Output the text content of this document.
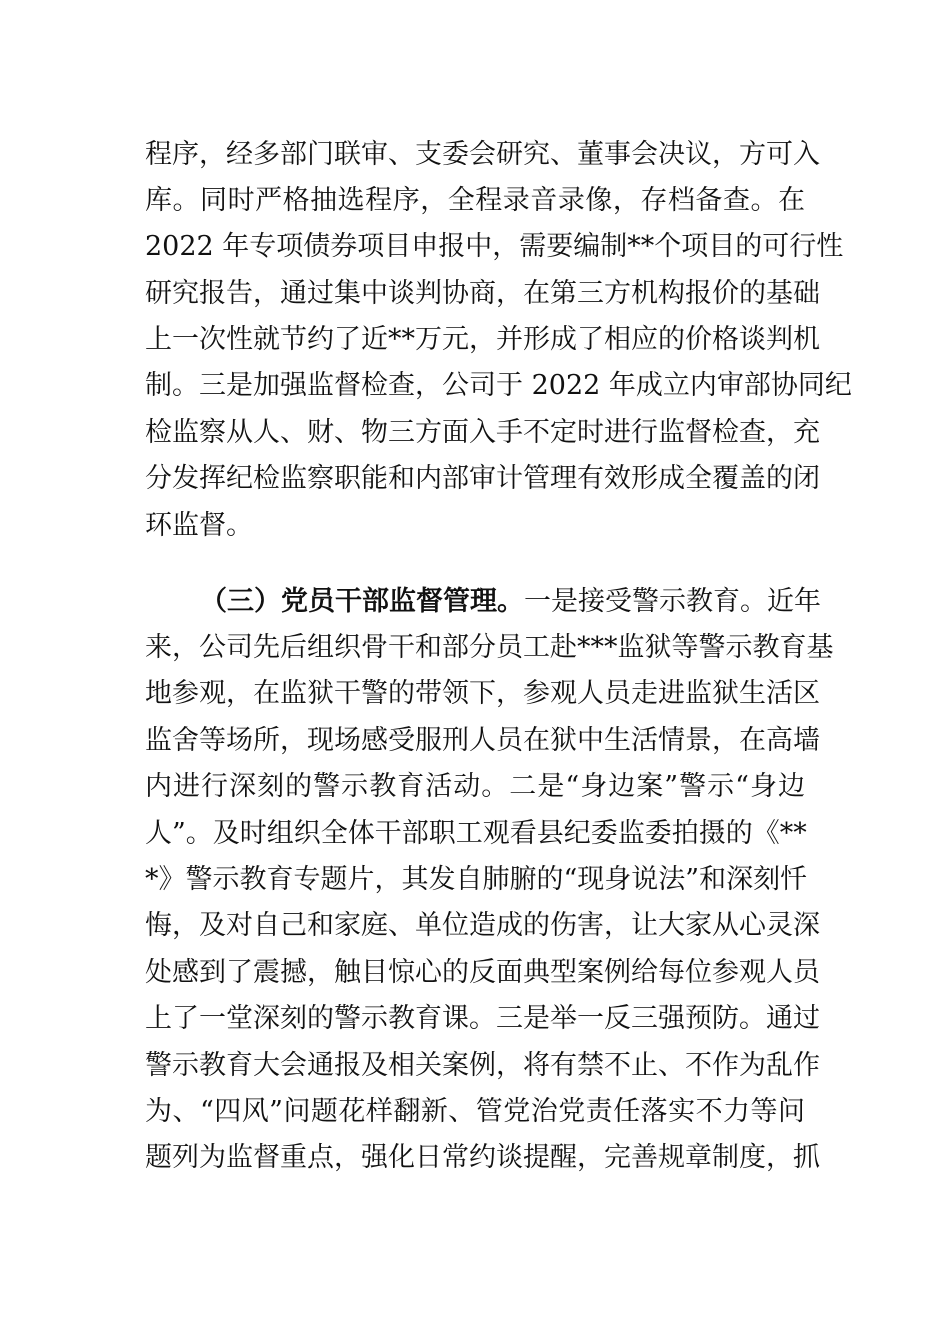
程序，经多部门联审、支委会研究、董事会决议，方可入
库。同时严格抽选程序，全程录音录像，存档备查。在
2022 年专项债券项目申报中，需要编制**个项目的可行性
研究报告，通过集中谈判协商，在第三方机构报价的基础
上一次性就节约了近**万元，并形成了相应的价格谈判机
制。三是加强监督检查，公司于 2022 年成立内审部协同纪
检监察从人、财、物三方面入手不定时进行监督检查，充
分发挥纪检监察职能和内部审计管理有效形成全覆盖的闭
环监督。
（三）党员干部监督管理。一是接受警示教育。近年
来，公司先后组织骨干和部分员工赴***监狱等警示教育基
地参观，在监狱干警的带领下，参观人员走进监狱生活区
监舍等场所，现场感受服刑人员在狱中生活情景，在高墙
内进行深刻的警示教育活动。二是“身边案”警示“身边
人”。及时组织全体干部职工观看县纪委监委拍摄的《**
*》警示教育专题片，其发自肺腑的“现身说法”和深刻忏
悔，及对自己和家庭、单位造成的伤害，让大家从心灵深
处感到了震撼，触目惊心的反面典型案例给每位参观人员
上了一堂深刻的警示教育课。三是举一反三强预防。通过
警示教育大会通报及相关案例，将有禁不止、不作为乱作
为、“四风”问题花样翻新、管党治党责任落实不力等问
题列为监督重点，强化日常约谈提醒，完善规章制度，抓
